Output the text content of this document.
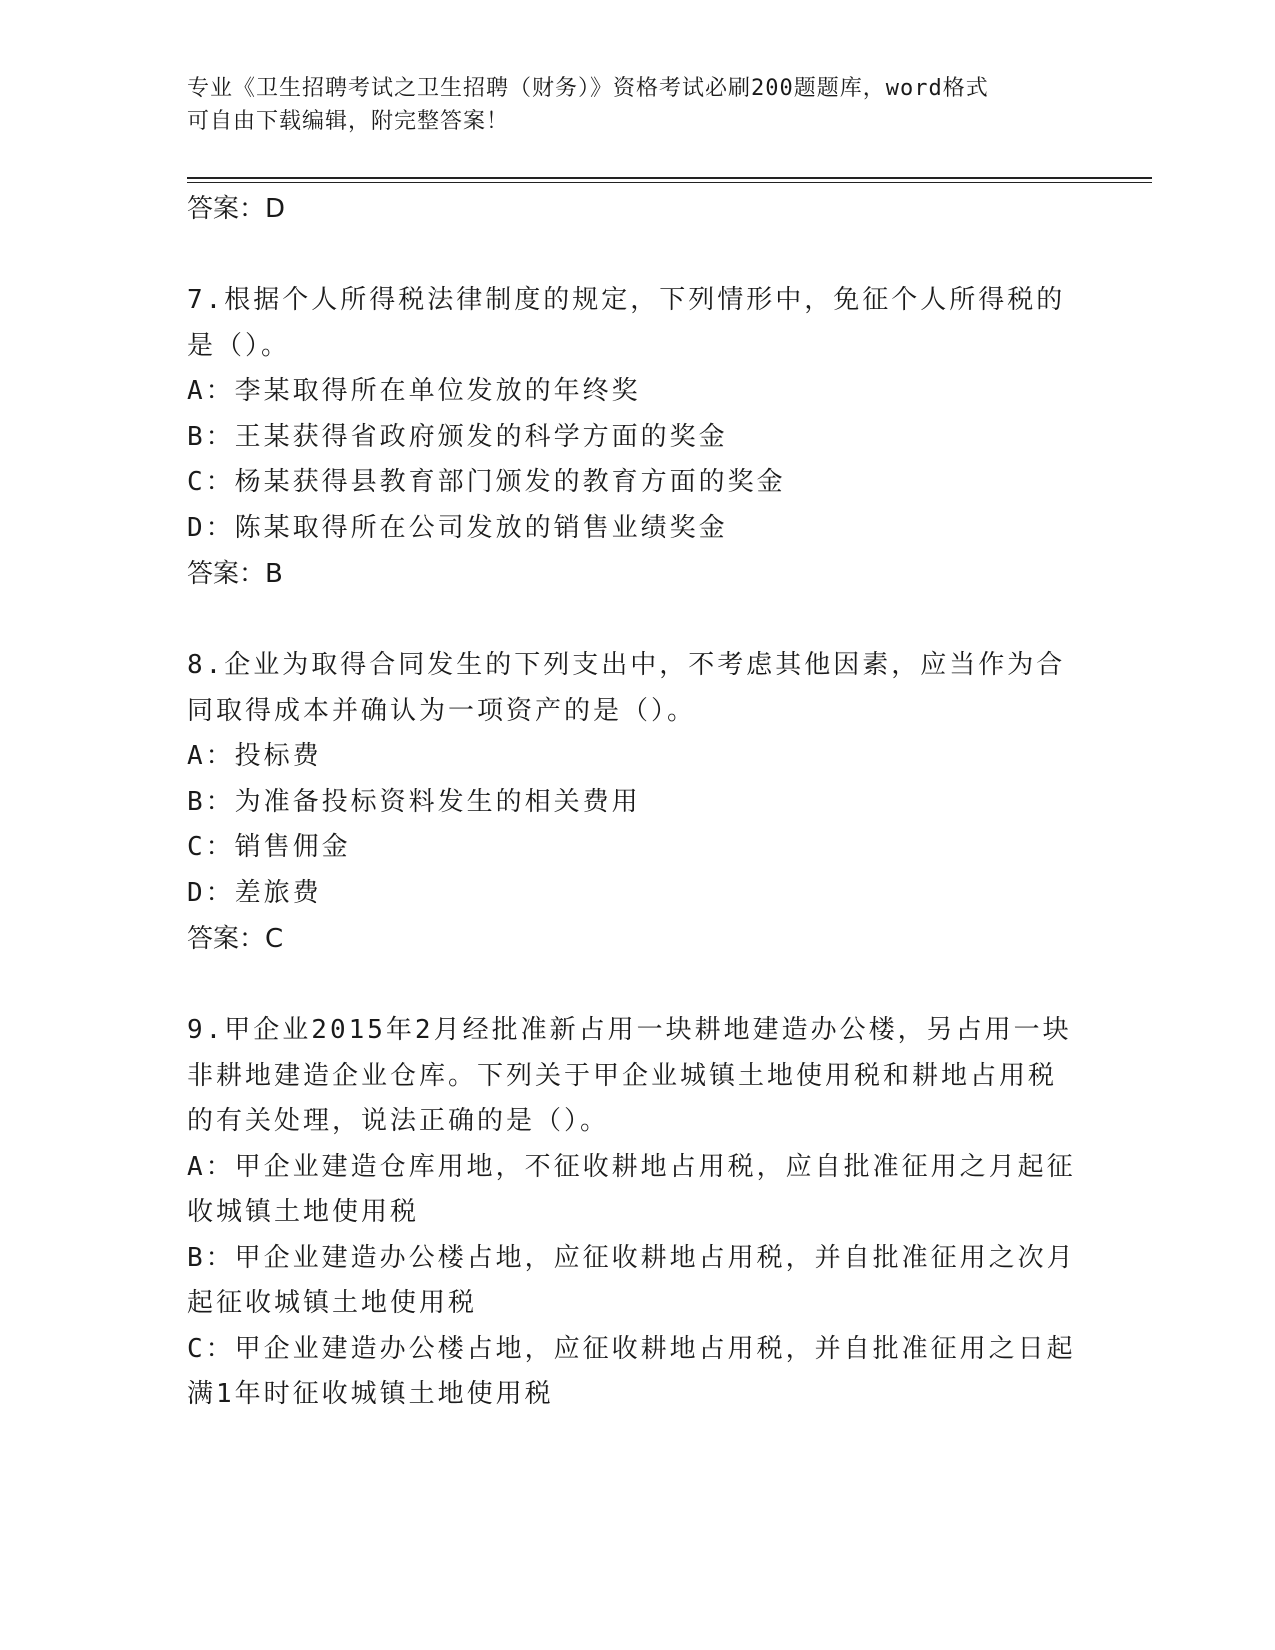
专业《卫生招聘考试之卫生招聘（财务）》资格考试必刷200题题库，word格式
可自由下载编辑，附完整答案！
答案：D
7.根据个人所得税法律制度的规定，下列情形中，免征个人所得税的
是（）。
A：李某取得所在单位发放的年终奖
B：王某获得省政府颁发的科学方面的奖金
C：杨某获得县教育部门颁发的教育方面的奖金
D：陈某取得所在公司发放的销售业绩奖金
答案：B
8.企业为取得合同发生的下列支出中，不考虑其他因素，应当作为合
同取得成本并确认为一项资产的是（）。
A：投标费
B：为准备投标资料发生的相关费用
C：销售佣金
D：差旅费
答案：C
9.甲企业2015年2月经批准新占用一块耕地建造办公楼，另占用一块
非耕地建造企业仓库。下列关于甲企业城镇土地使用税和耕地占用税
的有关处理，说法正确的是（）。
A：甲企业建造仓库用地，不征收耕地占用税，应自批准征用之月起征
收城镇土地使用税
B：甲企业建造办公楼占地，应征收耕地占用税，并自批准征用之次月
起征收城镇土地使用税
C：甲企业建造办公楼占地，应征收耕地占用税，并自批准征用之日起
满1年时征收城镇土地使用税
